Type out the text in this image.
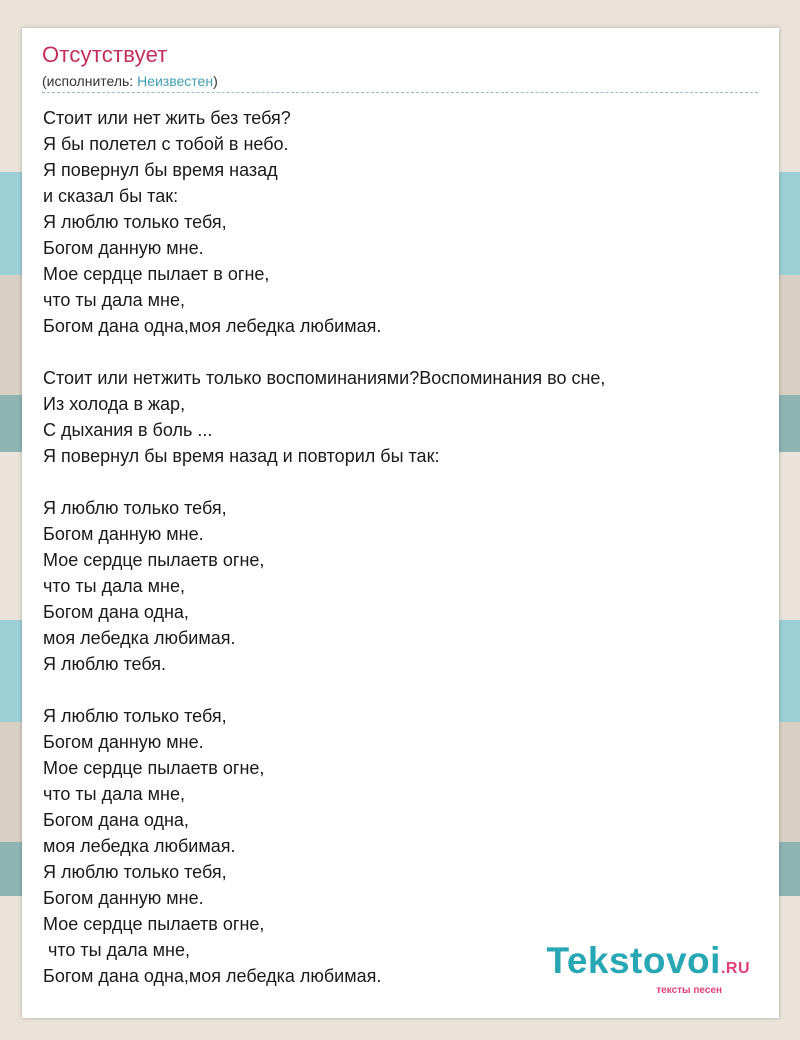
Отсутствует
(исполнитель: Неизвестен)
Стоит или нет жить без тебя?
Я бы полетел с тобой в небо.
Я повернул бы время назад
и сказал бы так:
Я люблю только тебя,
Богом данную мне.
Мое сердце пылает в огне,
что ты дала мне,
Богом дана одна,моя лебедка любимая.

Стоит или нетжить только воспоминаниями?Воспоминания во сне,
Из холода в жар,
С дыхания в боль ...
Я повернул бы время назад и повторил бы так:

Я люблю только тебя,
Богом данную мне.
Мое сердце пылаетв огне,
что ты дала мне,
Богом дана одна,
моя лебедка любимая.
Я люблю тебя.

Я люблю только тебя,
Богом данную мне.
Мое сердце пылаетв огне,
что ты дала мне,
Богом дана одна,
моя лебедка любимая.
Я люблю только тебя,
Богом данную мне.
Мое сердце пылаетв огне,
что ты дала мне,
Богом дана одна,моя лебедка любимая.	Tekstovoi.RU
тексты песен
